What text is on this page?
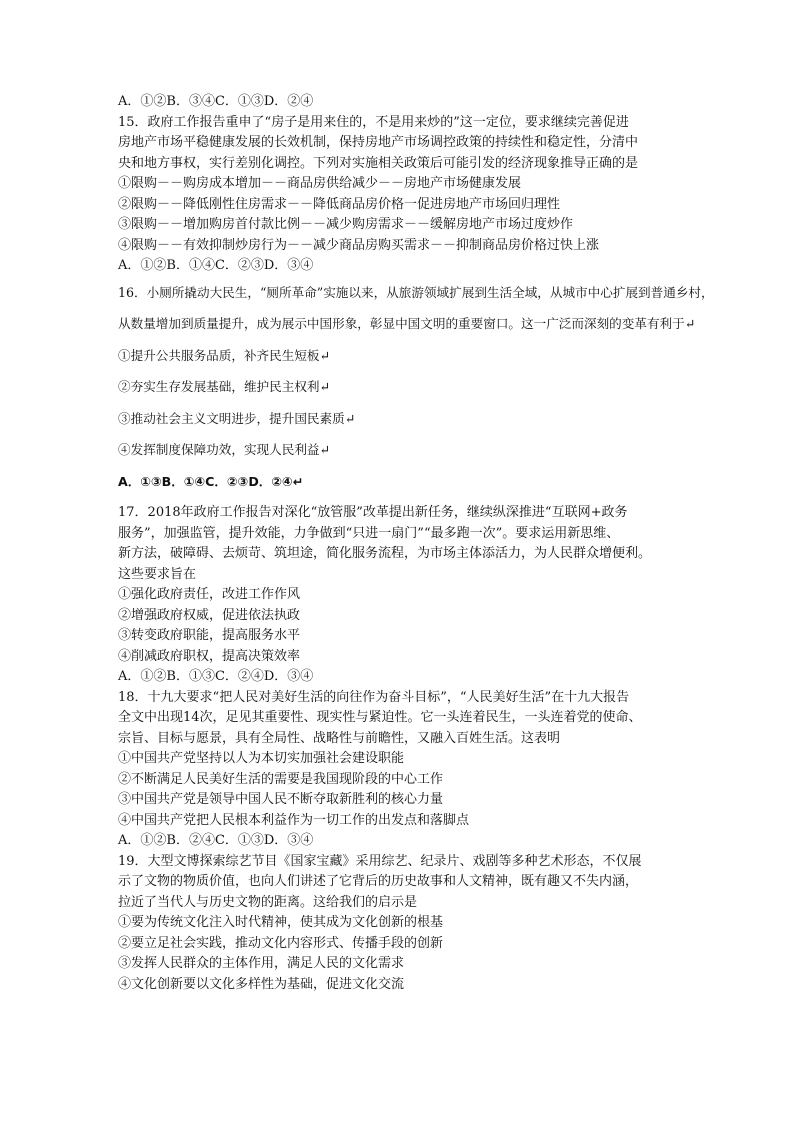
A．①②B．③④C．①③D．②④
15．政府工作报告重申了“房子是用来住的，不是用来炒的”这一定位，要求继续完善促进
房地产市场平稳健康发展的长效机制，保持房地产市场调控政策的持续性和稳定性，分清中
央和地方事权，实行差别化调控。下列对实施相关政策后可能引发的经济现象推导正确的是
①限购－－购房成本增加－－商品房供给减少－－房地产市场健康发展
②限购－－降低刚性住房需求－－降低商品房价格一促进房地产市场回归理性
③限购－－增加购房首付款比例－－减少购房需求－－缓解房地产市场过度炒作
④限购－－有效抑制炒房行为－－减少商品房购买需求－－抑制商品房价格过快上涨
A．①②B．①④C．②③D．③④
16．小厕所撬动大民生，“厕所革命”实施以来，从旅游领域扩展到生活全域，从城市中心扩展到普通乡村，
从数量增加到质量提升，成为展示中国形象，彰显中国文明的重要窗口。这一广泛而深刻的变革有利于↵
①提升公共服务品质，补齐民生短板↵
②夯实生存发展基础，维护民主权利↵
③推动社会主义文明进步，提升国民素质↵
④发挥制度保障功效，实现人民利益↵
A．①③B．①④C．②③D．②④↵
17．2018年政府工作报告对深化“放管服”改革提出新任务，继续纵深推进“互联网+政务
服务”，加强监管，提升效能，力争做到“只进一扇门”“最多跑一次”。要求运用新思维、
新方法，破障碍、去烦苛、筑坦途，简化服务流程，为市场主体添活力，为人民群众增便利。
这些要求旨在
①强化政府责任，改进工作作风
②增强政府权威，促进依法执政
③转变政府职能，提高服务水平
④削减政府职权，提高决策效率
A．①②B．①③C．②④D．③④
18．十九大要求“把人民对美好生活的向往作为奋斗目标”，“人民美好生活”在十九大报告
全文中出现14次，足见其重要性、现实性与紧迫性。它一头连着民生，一头连着党的使命、
宗旨、目标与愿景，具有全局性、战略性与前瞻性，又融入百姓生活。这表明
①中国共产党坚持以人为本切实加强社会建设职能
②不断满足人民美好生活的需要是我国现阶段的中心工作
③中国共产党是领导中国人民不断夺取新胜利的核心力量
④中国共产党把人民根本利益作为一切工作的出发点和落脚点
A．①②B．②④C．①③D．③④
19．大型文博探索综艺节目《国家宝藏》采用综艺、纪录片、戏剧等多种艺术形态，不仅展
示了文物的物质价值，也向人们讲述了它背后的历史故事和人文精神，既有趣又不失内涵，
拉近了当代人与历史文物的距离。这给我们的启示是
①要为传统文化注入时代精神，使其成为文化创新的根基
②要立足社会实践，推动文化内容形式、传播手段的创新
③发挥人民群众的主体作用，满足人民的文化需求
④文化创新要以文化多样性为基础，促进文化交流
